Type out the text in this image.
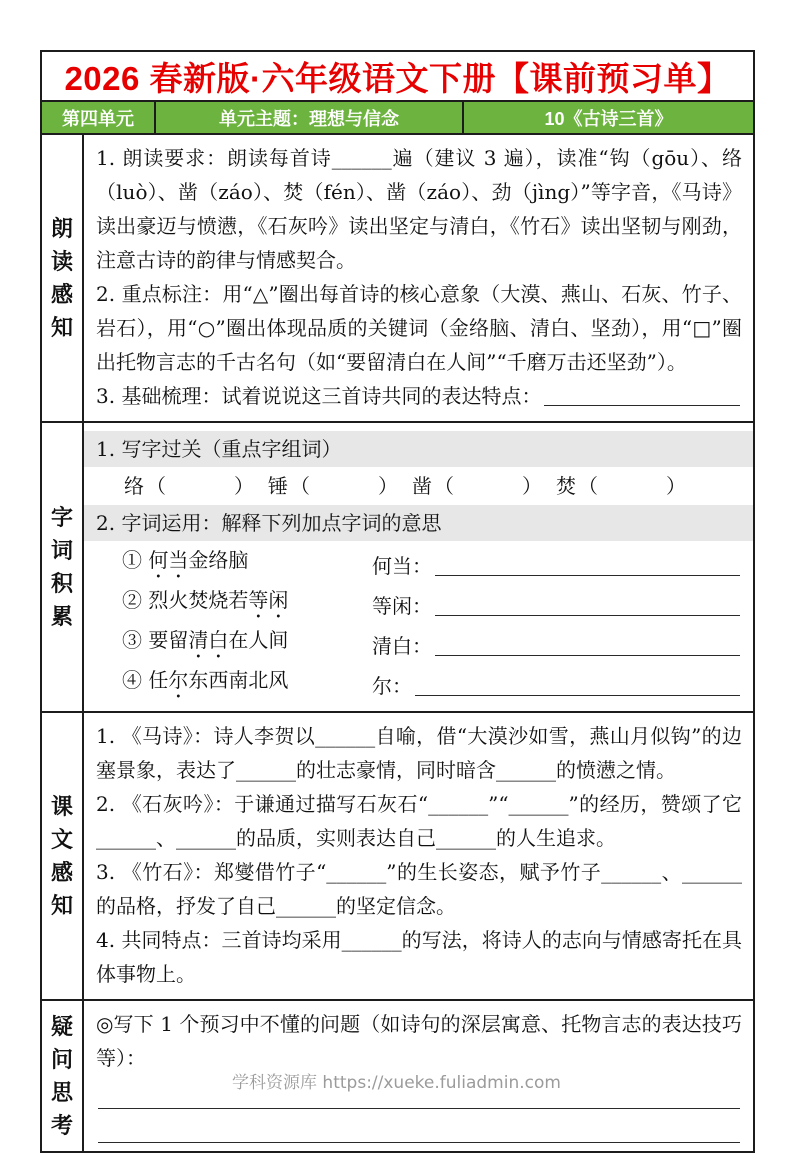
2026 春新版·六年级语文下册【课前预习单】
第四单元	单元主题：理想与信念	10《古诗三首》
朗读感知

1. 朗读要求：朗读每首诗______遍（建议 3 遍），读准“钩（gōu）、络（luò）、凿（záo）、焚（fén）、凿（záo）、劲（jìng）”等字音，《马诗》读出豪迈与愤懑，《石灰吟》读出坚定与清白，《竹石》读出坚韧与刚劲，注意古诗的韵律与情感契合。

2. 重点标注：用“△”圈出每首诗的核心意象（大漠、燕山、石灰、竹子、岩石），用“○”圈出体现品质的关键词（金络脑、清白、坚劲），用“□”圈出托物言志的千古名句（如“要留清白在人间”“千磨万击还坚劲”）。

3. 基础梳理：试着说说这三首诗共同的表达特点：
字词积累
1. 写字过关（重点字组词）
络（　　　）　锤（　　　）　凿（　　　）　焚（　　　）
2. 字词运用：解释下列加点字词的意思
① 何当金络脑	何当：
② 烈火焚烧若等闲	等闲：
③ 要留清白在人间	清白：
④ 任尔东西南北风	尔：
课文感知

1. 《马诗》：诗人李贺以______自喻，借“大漠沙如雪，燕山月似钩”的边塞景象，表达了______的壮志豪情，同时暗含______的愤懑之情。

2. 《石灰吟》：于谦通过描写石灰石“______”“______”的经历，赞颂了它______、______的品质，实则表达自己______的人生追求。

3. 《竹石》：郑燮借竹子“______”的生长姿态，赋予竹子______、______的品格，抒发了自己______的坚定信念。

4. 共同特点：三首诗均采用______的写法，将诗人的志向与情感寄托在具体事物上。

疑问思考

◎写下 1 个预习中不懂的问题（如诗句的深层寓意、托物言志的表达技巧等）：

学科资源库 https://xueke.fuliadmin.com
